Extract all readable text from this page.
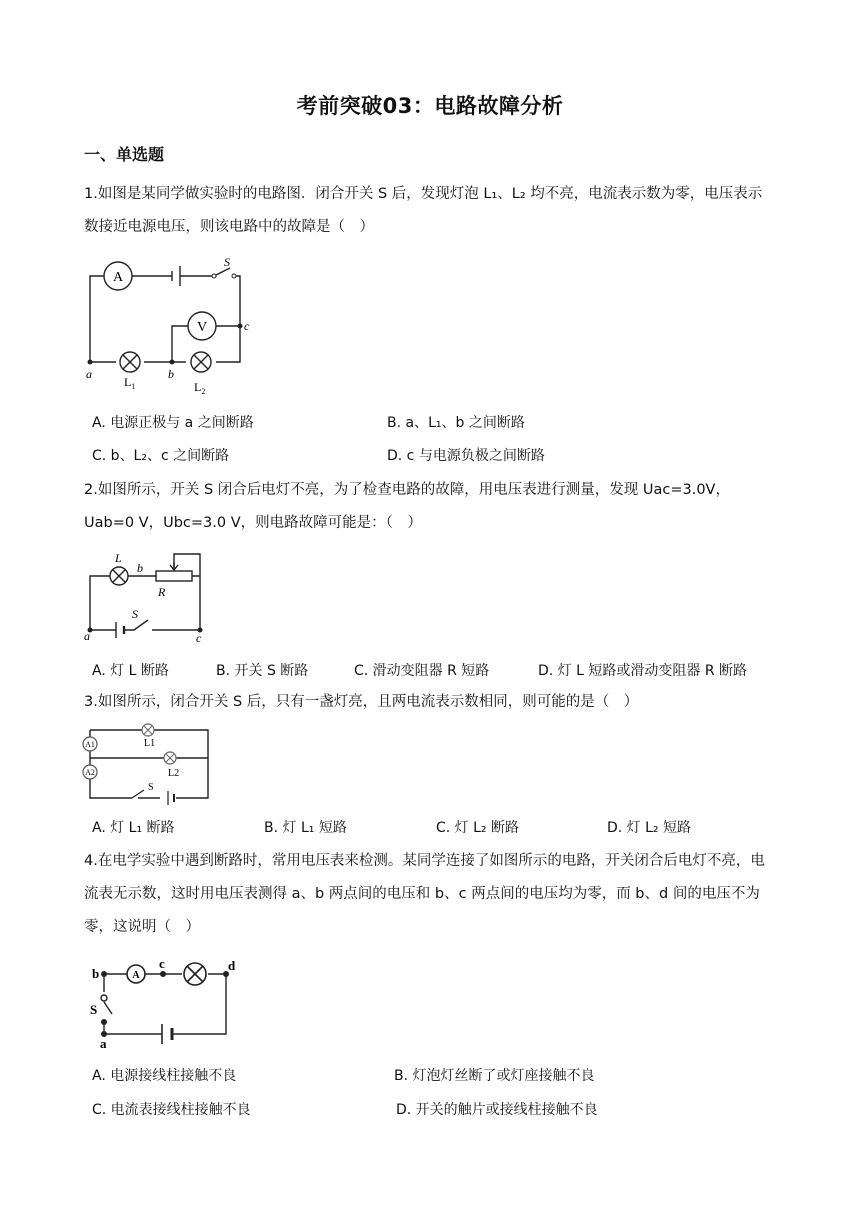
考前突破03：电路故障分析
一、单选题
1.如图是某同学做实验时的电路图．闭合开关 S 后，发现灯泡 L₁、L₂ 均不亮，电流表示数为零，电压表示数接近电源电压，则该电路中的故障是（　）
A
V
S
a	b
c
$L_1$	$L_2$
A. 电源正极与 a 之间断路	B. a、L₁、b 之间断路
C. b、L₂、c 之间断路	D. c 与电源负极之间断路
2.如图所示，开关 S 闭合后电灯不亮，为了检查电路的故障，用电压表进行测量，发现 Uac=3.0V，Uab=0 V，Ubc=3.0 V，则电路故障可能是：（　）
L
b
R
S
a	c
A. 灯 L 断路	B. 开关 S 断路	C. 滑动变阻器 R 短路	D. 灯 L 短路或滑动变阻器 R 断路
3.如图所示，闭合开关 S 后，只有一盏灯亮，且两电流表示数相同，则可能的是（　）
A1
A2
L1
L2
S
A. 灯 L₁ 断路	B. 灯 L₁ 短路	C. 灯 L₂ 断路	D. 灯 L₂ 短路
4.在电学实验中遇到断路时，常用电压表来检测。某同学连接了如图所示的电路，开关闭合后电灯不亮，电流表无示数，这时用电压表测得 a、b 两点间的电压和 b、c 两点间的电压均为零，而 b、d 间的电压不为零，这说明（　）
A
b
c	d
S
a
A. 电源接线柱接触不良	B. 灯泡灯丝断了或灯座接触不良
C. 电流表接线柱接触不良	D. 开关的触片或接线柱接触不良
